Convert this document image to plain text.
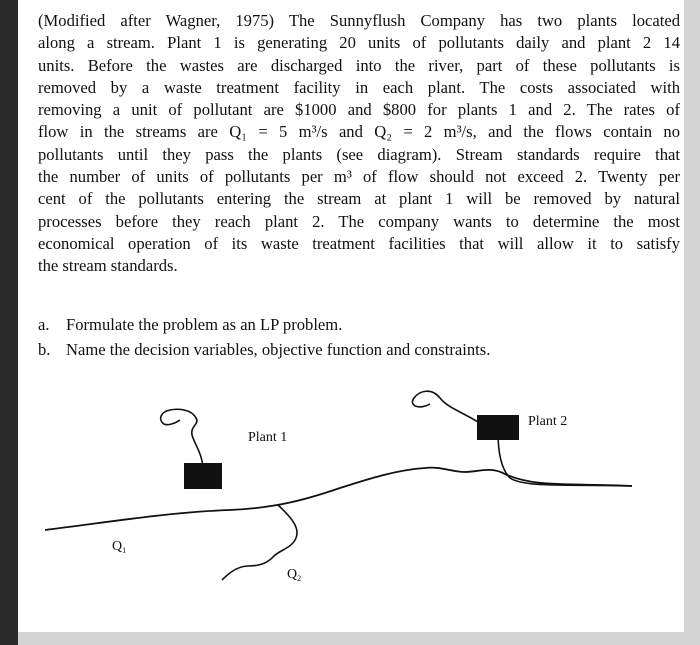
(Modified after Wagner, 1975) The Sunnyflush Company has two plants located
along a stream. Plant 1 is generating 20 units of pollutants daily and plant 2 14
units. Before the wastes are discharged into the river, part of these pollutants is
removed by a waste treatment facility in each plant. The costs associated with
removing a unit of pollutant are $1000 and $800 for plants 1 and 2. The rates of
flow in the streams are Q₁ = 5 m³/s and Q₂ = 2 m³/s, and the flows contain no
pollutants until they pass the plants (see diagram). Stream standards require that
the number of units of pollutants per m³ of flow should not exceed 2. Twenty per
cent of the pollutants entering the stream at plant 1 will be removed by natural
processes before they reach plant 2. The company wants to determine the most
economical operation of its waste treatment facilities that will allow it to satisfy
the stream standards.
a. Formulate the problem as an LP problem.
b. Name the decision variables, objective function and constraints.
Plant 1
Plant 2
$Q_1$
$Q_2$
